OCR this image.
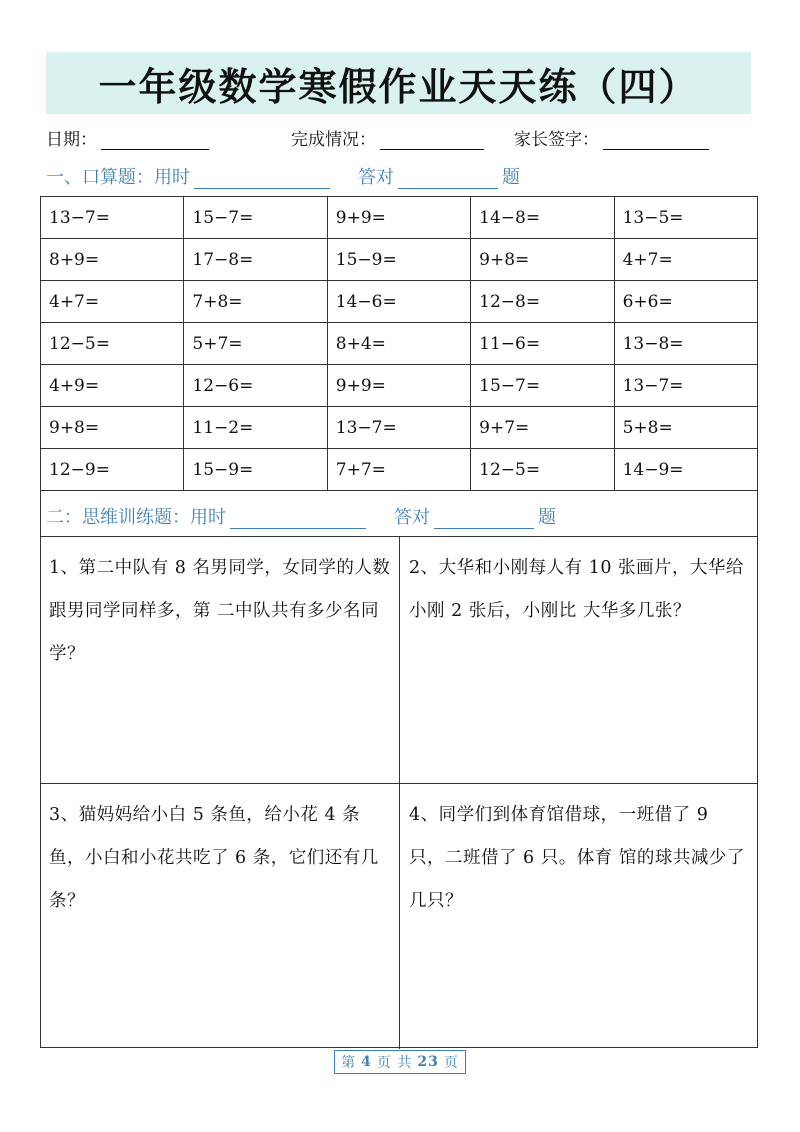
一年级数学寒假作业天天练（四）
日期：	完成情况：	家长签字：
一、口算题：用时	答对	题
13−7=	15−7=	9+9=	14−8=	13−5=
8+9=	17−8=	15−9=	9+8=	4+7=
4+7=	7+8=	14−6=	12−8=	6+6=
12−5=	5+7=	8+4=	11−6=	13−8=
4+9=	12−6=	9+9=	15−7=	13−7=
9+8=	11−2=	13−7=	9+7=	5+8=
12−9=	15−9=	7+7=	12−5=	14−9=
二：思维训练题：用时	答对	题
1、第二中队有 8 名男同学，女同学的人数跟男同学同样多，第 二中队共有多少名同学？
2、大华和小刚每人有 10 张画片，大华给小刚 2 张后，小刚比 大华多几张？
3、猫妈妈给小白 5 条鱼，给小花 4 条鱼，小白和小花共吃了 6 条，它们还有几条？
4、同学们到体育馆借球，一班借了 9 只，二班借了 6 只。体育 馆的球共减少了几只？
第 4 页 共 23 页
